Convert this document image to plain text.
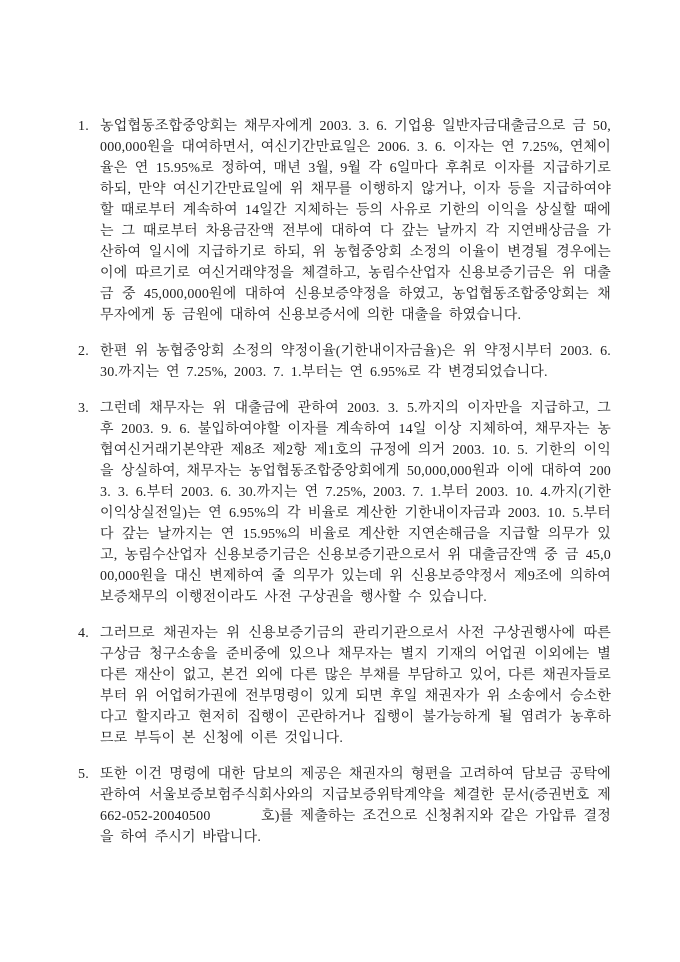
1. 농업협동조합중앙회는 채무자에게 2003. 3. 6. 기업용 일반자금대출금으로 금 50,000,000원을 대여하면서, 여신기간만료일은 2006. 3. 6. 이자는 연 7.25%, 연체이율은 연 15.95%로 정하여, 매년 3월, 9월 각 6일마다 후취로 이자를 지급하기로 하되, 만약 여신기간만료일에 위 채무를 이행하지 않거나, 이자 등을 지급하여야 할 때로부터 계속하여 14일간 지체하는 등의 사유로 기한의 이익을 상실할 때에는 그 때로부터 차용금잔액 전부에 대하여 다 갚는 날까지 각 지연배상금을 가산하여 일시에 지급하기로 하되, 위 농협중앙회 소정의 이율이 변경될 경우에는 이에 따르기로 여신거래약정을 체결하고, 농림수산업자 신용보증기금은 위 대출금 중 45,000,000원에 대하여 신용보증약정을 하였고, 농업협동조합중앙회는 채무자에게 동 금원에 대하여 신용보증서에 의한 대출을 하였습니다.

2. 한편 위 농협중앙회 소정의 약정이율(기한내이자금율)은 위 약정시부터 2003. 6. 30.까지는 연 7.25%, 2003. 7. 1.부터는 연 6.95%로 각 변경되었습니다.

3. 그런데 채무자는 위 대출금에 관하여 2003. 3. 5.까지의 이자만을 지급하고, 그 후 2003. 9. 6. 불입하여야할 이자를 계속하여 14일 이상 지체하여, 채무자는 농협여신거래기본약관 제8조 제2항 제1호의 규정에 의거 2003. 10. 5. 기한의 이익을 상실하여, 채무자는 농업협동조합중앙회에게 50,000,000원과 이에 대하여 2003. 3. 6.부터 2003. 6. 30.까지는 연 7.25%, 2003. 7. 1.부터 2003. 10. 4.까지(기한이익상실전일)는 연 6.95%의 각 비율로 계산한 기한내이자금과 2003. 10. 5.부터 다 갚는 날까지는 연 15.95%의 비율로 계산한 지연손해금을 지급할 의무가 있고, 농림수산업자 신용보증기금은 신용보증기관으로서 위 대출금잔액 중 금 45,000,000원을 대신 변제하여 줄 의무가 있는데 위 신용보증약정서 제9조에 의하여 보증채무의 이행전이라도 사전 구상권을 행사할 수 있습니다.

4. 그러므로 채권자는 위 신용보증기금의 관리기관으로서 사전 구상권행사에 따른 구상금 청구소송을 준비중에 있으나 채무자는 별지 기재의 어업권 이외에는 별다른 재산이 없고, 본건 외에 다른 많은 부채를 부담하고 있어, 다른 채권자들로부터 위 어업허가권에 전부명령이 있게 되면 후일 채권자가 위 소송에서 승소한다고 할지라고 현저히 집행이 곤란하거나 집행이 불가능하게 될 염려가 농후하므로 부득이 본 신청에 이른 것입니다.

5. 또한 이건 명령에 대한 담보의 제공은 채권자의 형편을 고려하여 담보금 공탁에 관하여 서울보증보험주식회사와의 지급보증위탁계약을 체결한 문서(증권번호 제662-052-20040500       호)를 제출하는 조건으로 신청취지와 같은 가압류 결정을 하여 주시기 바랍니다.
